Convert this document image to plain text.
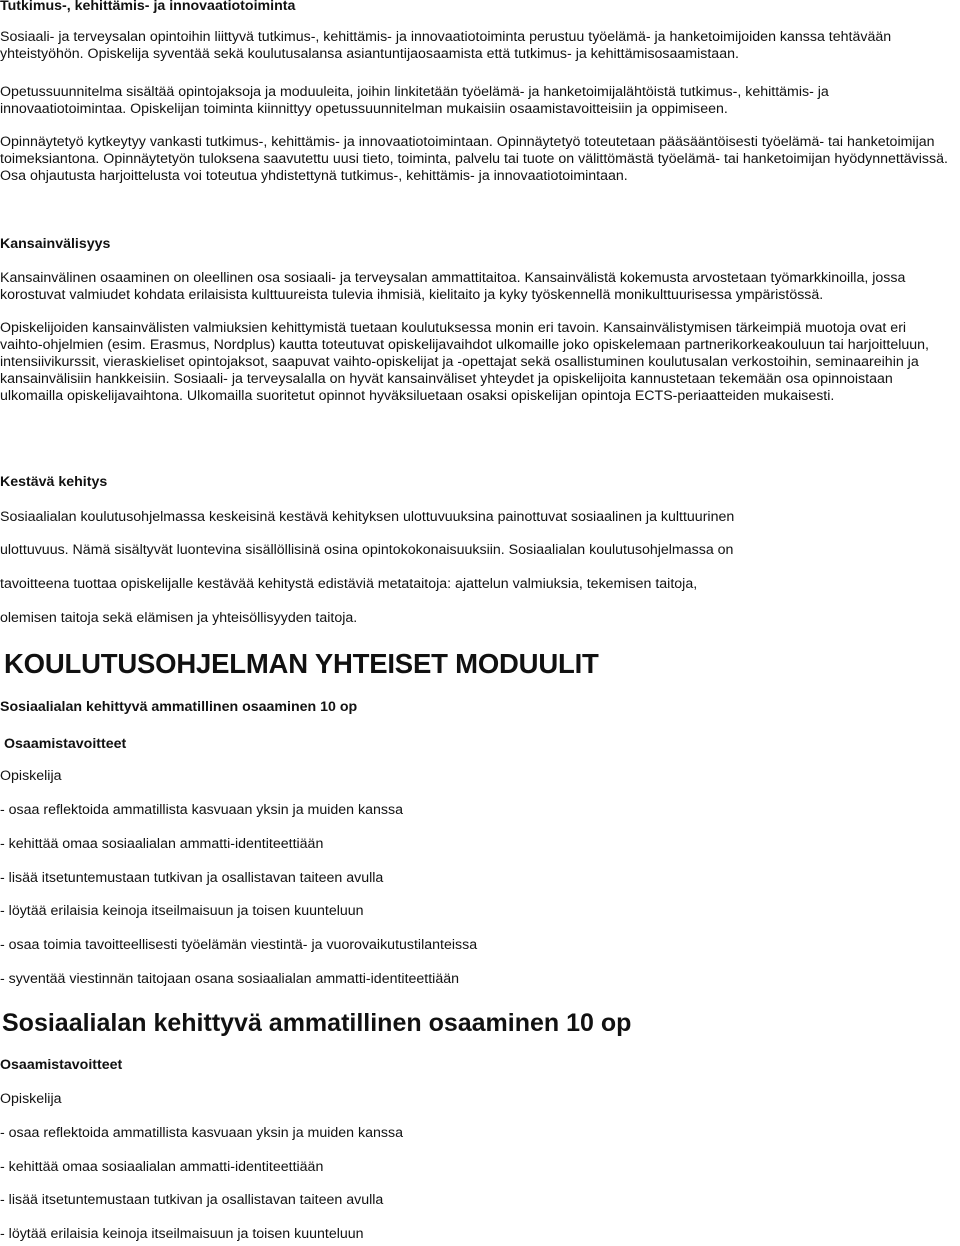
Tutkimus-, kehittämis- ja innovaatiotoiminta

Sosiaali- ja terveysalan opintoihin liittyvä tutkimus-, kehittämis- ja innovaatiotoiminta perustuu työelämä- ja hanketoimijoiden kanssa tehtävään yhteistyöhön. Opiskelija syventää sekä koulutusalansa asiantuntijaosaamista että tutkimus- ja kehittämisosaamistaan.

Opetussuunnitelma sisältää opintojaksoja ja moduuleita, joihin linkitetään työelämä- ja hanketoimijalähtöistä tutkimus-, kehittämis- ja innovaatiotoimintaa. Opiskelijan toiminta kiinnittyy opetussuunnitelman mukaisiin osaamistavoitteisiin ja oppimiseen.

Opinnäytetyö kytkeytyy vankasti tutkimus-, kehittämis- ja innovaatiotoimintaan. Opinnäytetyö toteutetaan pääsääntöisesti työelämä- tai hanketoimijan toimeksiantona. Opinnäytetyön tuloksena saavutettu uusi tieto, toiminta, palvelu tai tuote on välittömästä työelämä- tai hanketoimijan hyödynnettävissä. Osa ohjautusta harjoittelusta voi toteutua yhdistettynä tutkimus-, kehittämis- ja innovaatiotoimintaan.

Kansainvälisyys

Kansainvälinen osaaminen on oleellinen osa sosiaali- ja terveysalan ammattitaitoa. Kansainvälistä kokemusta arvostetaan työmarkkinoilla, jossa korostuvat valmiudet kohdata erilaisista kulttuureista tulevia ihmisiä, kielitaito ja kyky työskennellä monikulttuurisessa ympäristössä.

Opiskelijoiden kansainvälisten valmiuksien kehittymistä tuetaan koulutuksessa monin eri tavoin. Kansainvälistymisen tärkeimpiä muotoja ovat eri vaihto-ohjelmien (esim. Erasmus, Nordplus) kautta toteutuvat opiskelijavaihdot ulkomaille joko opiskelemaan partnerikorkeakouluun tai harjoitteluun, intensiivikurssit, vieraskieliset opintojaksot, saapuvat vaihto-opiskelijat ja -opettajat sekä osallistuminen koulutusalan verkostoihin, seminaareihin ja kansainvälisiin hankkeisiin. Sosiaali- ja terveysalalla on hyvät kansainväliset yhteydet ja opiskelijoita kannustetaan tekemään osa opinnoistaan ulkomailla opiskelijavaihtona. Ulkomailla suoritetut opinnot hyväksiluetaan osaksi opiskelijan opintoja ECTS-periaatteiden mukaisesti.

Kestävä kehitys
Sosiaalialan koulutusohjelmassa keskeisinä kestävä kehityksen ulottuvuuksina painottuvat sosiaalinen ja kulttuurinen
ulottuvuus. Nämä sisältyvät luontevina sisällöllisinä osina opintokokonaisuuksiin. Sosiaalialan koulutusohjelmassa on
tavoitteena tuottaa opiskelijalle kestävää kehitystä edistäviä metataitoja: ajattelun valmiuksia, tekemisen taitoja,
olemisen taitoja sekä elämisen ja yhteisöllisyyden taitoja.
KOULUTUSOHJELMAN YHTEISET MODUULIT
Sosiaalialan kehittyvä ammatillinen osaaminen 10 op
Osaamistavoitteet
Opiskelija
- osaa reflektoida ammatillista kasvuaan yksin ja muiden kanssa
- kehittää omaa sosiaalialan ammatti-identiteettiään
- lisää itsetuntemustaan tutkivan ja osallistavan taiteen avulla
- löytää erilaisia keinoja itseilmaisuun ja toisen kuunteluun
- osaa toimia tavoitteellisesti työelämän viestintä- ja vuorovaikutustilanteissa
- syventää viestinnän taitojaan osana sosiaalialan ammatti-identiteettiään
Sosiaalialan kehittyvä ammatillinen osaaminen 10 op
Osaamistavoitteet
Opiskelija
- osaa reflektoida ammatillista kasvuaan yksin ja muiden kanssa
- kehittää omaa sosiaalialan ammatti-identiteettiään
- lisää itsetuntemustaan tutkivan ja osallistavan taiteen avulla
- löytää erilaisia keinoja itseilmaisuun ja toisen kuunteluun
